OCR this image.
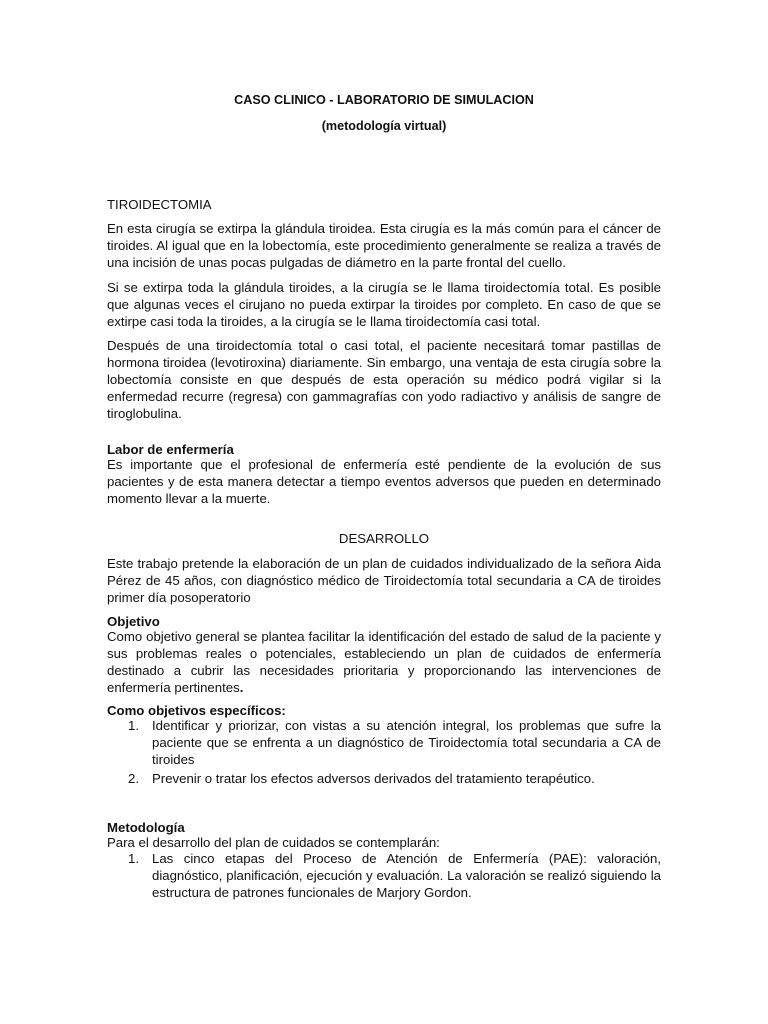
CASO CLINICO - LABORATORIO DE SIMULACION
(metodología virtual)
TIROIDECTOMIA

En esta cirugía se extirpa la glándula tiroidea. Esta cirugía es la más común para el cáncer de tiroides. Al igual que en la lobectomía, este procedimiento generalmente se realiza a través de una incisión de unas pocas pulgadas de diámetro en la parte frontal del cuello.

Si se extirpa toda la glándula tiroides, a la cirugía se le llama tiroidectomía total. Es posible que algunas veces el cirujano no pueda extirpar la tiroides por completo. En caso de que se extirpe casi toda la tiroides, a la cirugía se le llama tiroidectomía casi total.

Después de una tiroidectomía total o casi total, el paciente necesitará tomar pastillas de hormona tiroidea (levotiroxina) diariamente. Sin embargo, una ventaja de esta cirugía sobre la lobectomía consiste en que después de esta operación su médico podrá vigilar si la enfermedad recurre (regresa) con gammagrafías con yodo radiactivo y análisis de sangre de tiroglobulina.

Labor de enfermería

Es importante que el profesional de enfermería esté pendiente de la evolución de sus pacientes y de esta manera detectar a tiempo eventos adversos que pueden en determinado momento llevar a la muerte.

DESARROLLO

Este trabajo pretende la elaboración de un plan de cuidados individualizado de la señora Aida Pérez de 45 años, con diagnóstico médico de Tiroidectomía total secundaria a CA de tiroides primer día posoperatorio

Objetivo

Como objetivo general se plantea facilitar la identificación del estado de salud de la paciente y sus problemas reales o potenciales, estableciendo un plan de cuidados de enfermería destinado a cubrir las necesidades prioritaria y proporcionando las intervenciones de enfermería pertinentes.

Como objetivos específicos:
1. Identificar y priorizar, con vistas a su atención integral, los problemas que sufre la paciente que se enfrenta a un diagnóstico de Tiroidectomía total secundaria a CA de tiroides
2. Prevenir o tratar los efectos adversos derivados del tratamiento terapéutico.
Metodología

Para el desarrollo del plan de cuidados se contemplarán:

1. Las cinco etapas del Proceso de Atención de Enfermería (PAE): valoración, diagnóstico, planificación, ejecución y evaluación. La valoración se realizó siguiendo la estructura de patrones funcionales de Marjory Gordon.
